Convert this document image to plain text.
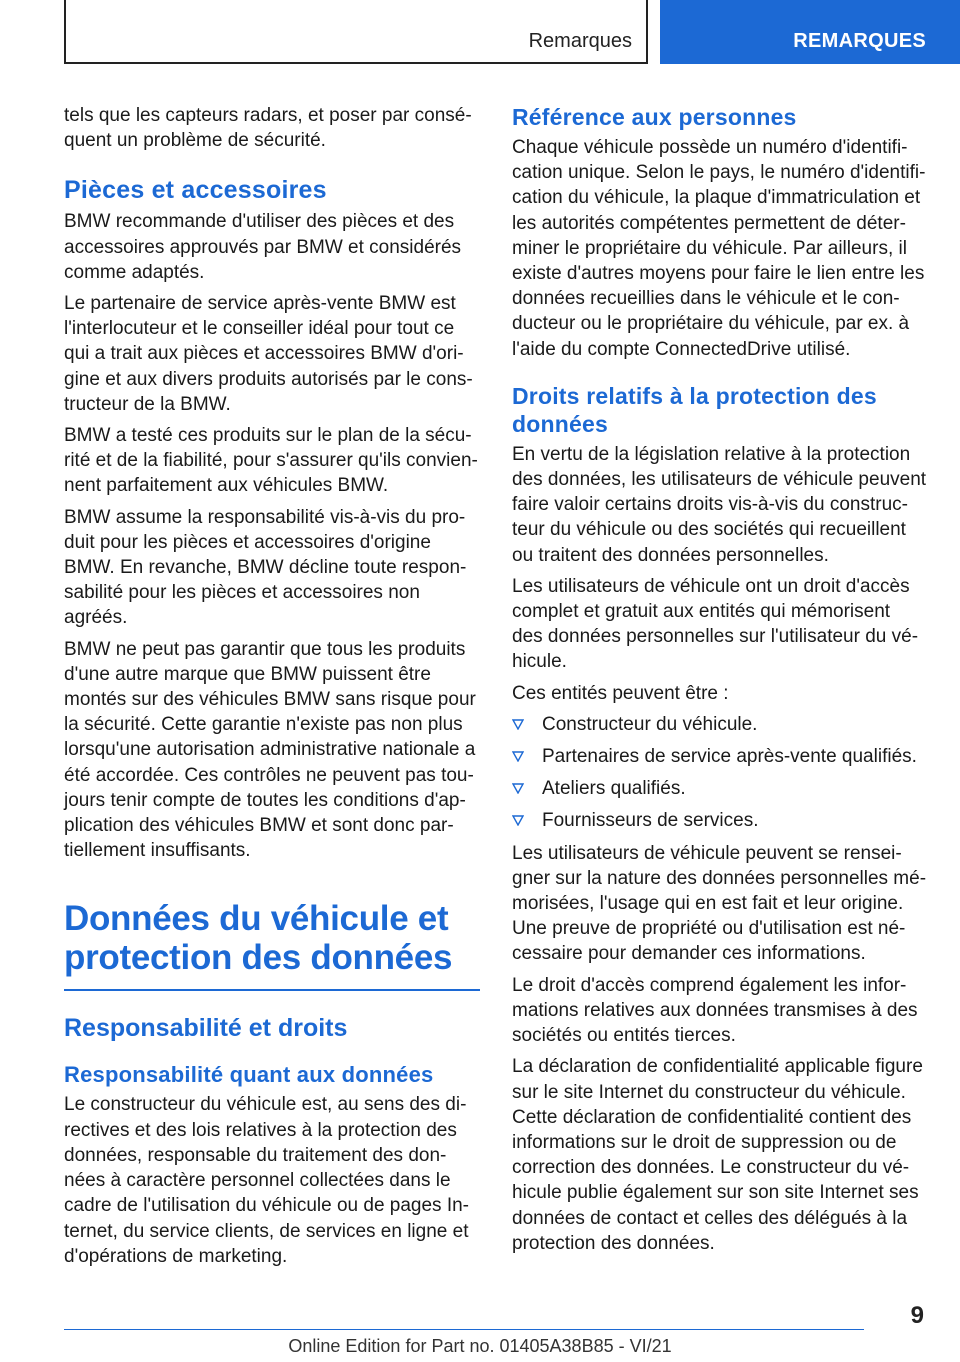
Remarques	REMARQUES

tels que les capteurs radars, et poser par consé‐
quent un problème de sécurité.

Pièces et accessoires

BMW recommande d'utiliser des pièces et des
accessoires approuvés par BMW et considérés
comme adaptés.

Le partenaire de service après-vente BMW est
l'interlocuteur et le conseiller idéal pour tout ce
qui a trait aux pièces et accessoires BMW d'ori‐
gine et aux divers produits autorisés par le cons‐
tructeur de la BMW.

BMW a testé ces produits sur le plan de la sécu‐
rité et de la fiabilité, pour s'assurer qu'ils convien‐
nent parfaitement aux véhicules BMW.

BMW assume la responsabilité vis-à-vis du pro‐
duit pour les pièces et accessoires d'origine
BMW. En revanche, BMW décline toute respon‐
sabilité pour les pièces et accessoires non
agréés.

BMW ne peut pas garantir que tous les produits
d'une autre marque que BMW puissent être
montés sur des véhicules BMW sans risque pour
la sécurité. Cette garantie n'existe pas non plus
lorsqu'une autorisation administrative nationale a
été accordée. Ces contrôles ne peuvent pas tou‐
jours tenir compte de toutes les conditions d'ap‐
plication des véhicules BMW et sont donc par‐
tiellement insuffisants.

Données du véhicule et
protection des données
Responsabilité et droits
Responsabilité quant aux données

Le constructeur du véhicule est, au sens des di‐
rectives et des lois relatives à la protection des
données, responsable du traitement des don‐
nées à caractère personnel collectées dans le
cadre de l'utilisation du véhicule ou de pages In‐
ternet, du service clients, de services en ligne et
d'opérations de marketing.

Référence aux personnes

Chaque véhicule possède un numéro d'identifi‐
cation unique. Selon le pays, le numéro d'identifi‐
cation du véhicule, la plaque d'immatriculation et
les autorités compétentes permettent de déter‐
miner le propriétaire du véhicule. Par ailleurs, il
existe d'autres moyens pour faire le lien entre les
données recueillies dans le véhicule et le con‐
ducteur ou le propriétaire du véhicule, par ex. à
l'aide du compte ConnectedDrive utilisé.

Droits relatifs à la protection des
données

En vertu de la législation relative à la protection
des données, les utilisateurs de véhicule peuvent
faire valoir certains droits vis-à-vis du construc‐
teur du véhicule ou des sociétés qui recueillent
ou traitent des données personnelles.

Les utilisateurs de véhicule ont un droit d'accès
complet et gratuit aux entités qui mémorisent
des données personnelles sur l'utilisateur du vé‐
hicule.

Ces entités peuvent être :

Constructeur du véhicule.
Partenaires de service après-vente qualifiés.
Ateliers qualifiés.
Fournisseurs de services.

Les utilisateurs de véhicule peuvent se rensei‐
gner sur la nature des données personnelles mé‐
morisées, l'usage qui en est fait et leur origine.
Une preuve de propriété ou d'utilisation est né‐
cessaire pour demander ces informations.

Le droit d'accès comprend également les infor‐
mations relatives aux données transmises à des
sociétés ou entités tierces.

La déclaration de confidentialité applicable figure
sur le site Internet du constructeur du véhicule.
Cette déclaration de confidentialité contient des
informations sur le droit de suppression ou de
correction des données. Le constructeur du vé‐
hicule publie également sur son site Internet ses
données de contact et celles des délégués à la
protection des données.

9
Online Edition for Part no. 01405A38B85 - VI/21
